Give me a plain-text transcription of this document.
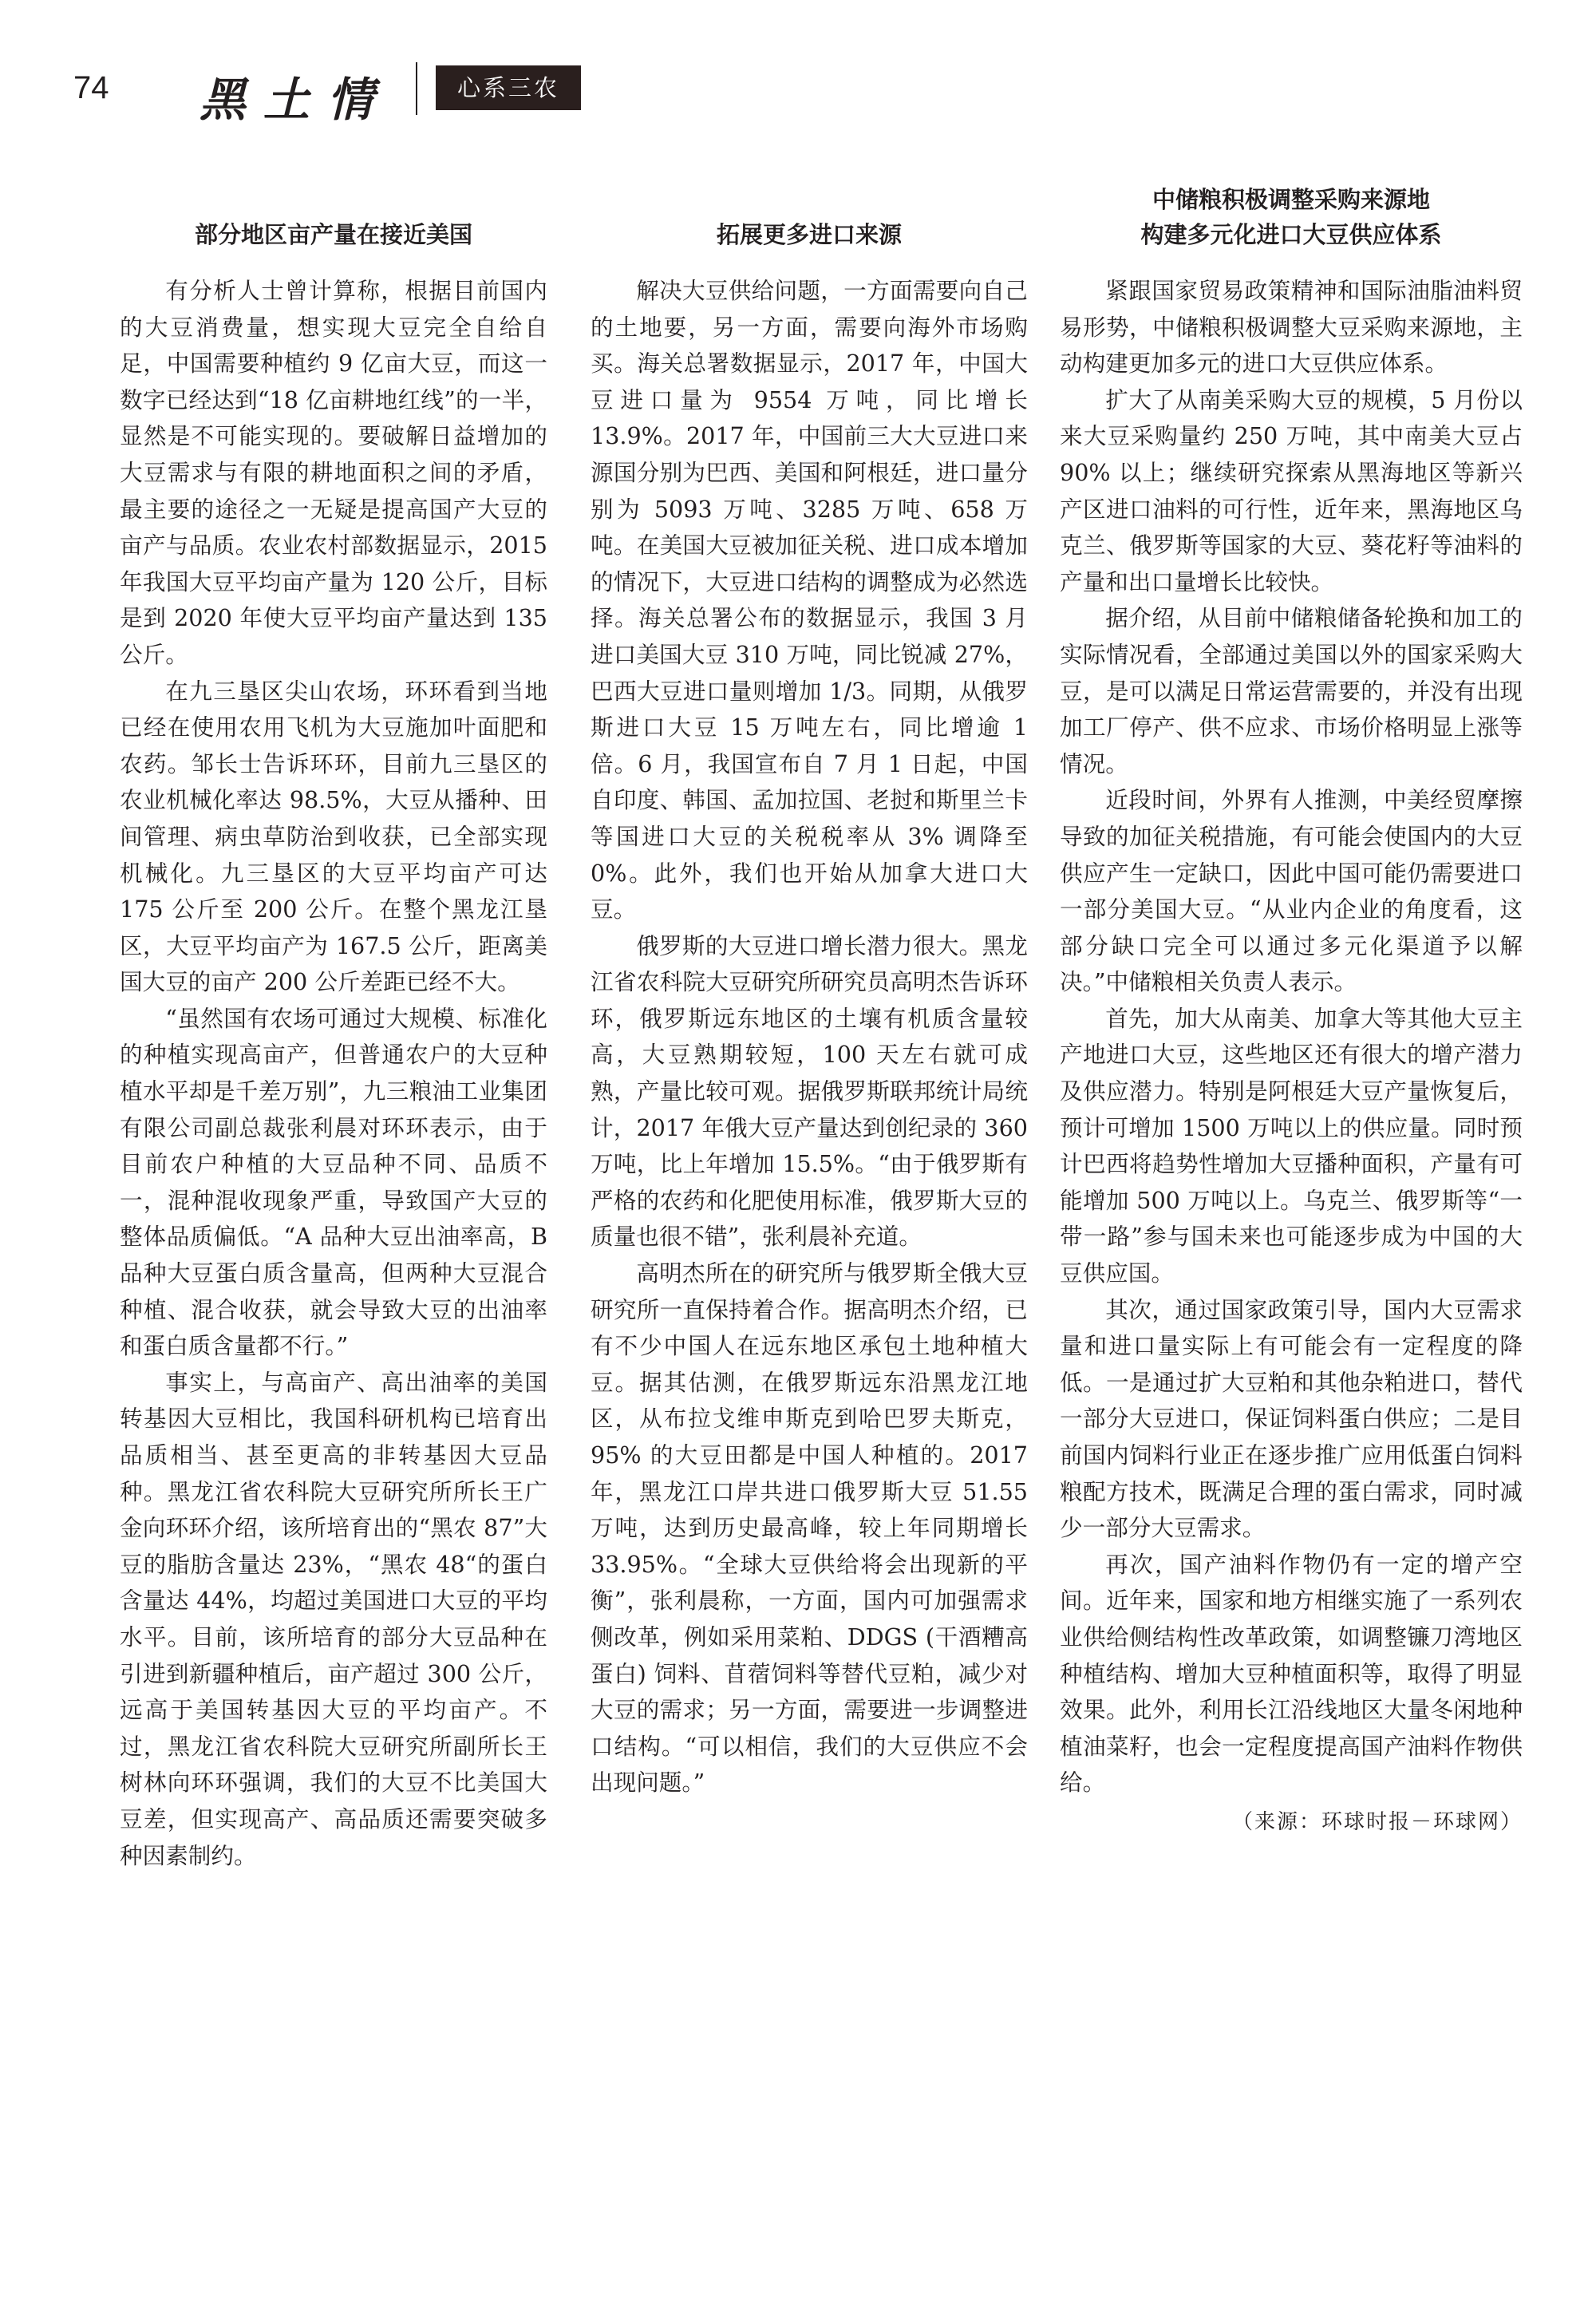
74 黑土情	心系三农
部分地区亩产量在接近美国

有分析人士曾计算称，根据目前国内的大豆消费量，想实现大豆完全自给自足，中国需要种植约 9 亿亩大豆，而这一数字已经达到“18 亿亩耕地红线”的一半，显然是不可能实现的。要破解日益增加的大豆需求与有限的耕地面积之间的矛盾，最主要的途径之一无疑是提高国产大豆的亩产与品质。农业农村部数据显示，2015 年我国大豆平均亩产量为 120 公斤，目标是到 2020 年使大豆平均亩产量达到 135 公斤。

在九三垦区尖山农场，环环看到当地已经在使用农用飞机为大豆施加叶面肥和农药。邹长士告诉环环，目前九三垦区的农业机械化率达 98.5%，大豆从播种、田间管理、病虫草防治到收获，已全部实现机械化。九三垦区的大豆平均亩产可达 175 公斤至 200 公斤。在整个黑龙江垦区，大豆平均亩产为 167.5 公斤，距离美国大豆的亩产 200 公斤差距已经不大。

“虽然国有农场可通过大规模、标准化的种植实现高亩产，但普通农户的大豆种植水平却是千差万别”，九三粮油工业集团有限公司副总裁张利晨对环环表示，由于目前农户种植的大豆品种不同、品质不一，混种混收现象严重，导致国产大豆的整体品质偏低。“A 品种大豆出油率高，B 品种大豆蛋白质含量高，但两种大豆混合种植、混合收获，就会导致大豆的出油率和蛋白质含量都不行。”

事实上，与高亩产、高出油率的美国转基因大豆相比，我国科研机构已培育出品质相当、甚至更高的非转基因大豆品种。黑龙江省农科院大豆研究所所长王广金向环环介绍，该所培育出的“黑农 87”大豆的脂肪含量达 23%，“黑农 48“的蛋白含量达 44%，均超过美国进口大豆的平均水平。目前，该所培育的部分大豆品种在引进到新疆种植后，亩产超过 300 公斤，远高于美国转基因大豆的平均亩产。不过，黑龙江省农科院大豆研究所副所长王树林向环环强调，我们的大豆不比美国大豆差，但实现高产、高品质还需要突破多种因素制约。

拓展更多进口来源

解决大豆供给问题，一方面需要向自己的土地要，另一方面，需要向海外市场购买。海关总署数据显示，2017 年，中国大豆进口量为 9554 万吨，同比增长 13.9%。2017 年，中国前三大大豆进口来源国分别为巴西、美国和阿根廷，进口量分别为 5093 万吨、3285 万吨、658 万吨。在美国大豆被加征关税、进口成本增加的情况下，大豆进口结构的调整成为必然选择。海关总署公布的数据显示，我国 3 月进口美国大豆 310 万吨，同比锐减 27%，巴西大豆进口量则增加 1/3。同期，从俄罗斯进口大豆 15 万吨左右，同比增逾 1 倍。6 月，我国宣布自 7 月 1 日起，中国自印度、韩国、孟加拉国、老挝和斯里兰卡等国进口大豆的关税税率从 3% 调降至 0%。此外，我们也开始从加拿大进口大豆。

俄罗斯的大豆进口增长潜力很大。黑龙江省农科院大豆研究所研究员高明杰告诉环环，俄罗斯远东地区的土壤有机质含量较高，大豆熟期较短，100 天左右就可成熟，产量比较可观。据俄罗斯联邦统计局统计，2017 年俄大豆产量达到创纪录的 360 万吨，比上年增加 15.5%。“由于俄罗斯有严格的农药和化肥使用标准，俄罗斯大豆的质量也很不错”，张利晨补充道。

高明杰所在的研究所与俄罗斯全俄大豆研究所一直保持着合作。据高明杰介绍，已有不少中国人在远东地区承包土地种植大豆。据其估测，在俄罗斯远东沿黑龙江地区，从布拉戈维申斯克到哈巴罗夫斯克，95% 的大豆田都是中国人种植的。2017 年，黑龙江口岸共进口俄罗斯大豆 51.55 万吨，达到历史最高峰，较上年同期增长 33.95%。“全球大豆供给将会出现新的平衡”，张利晨称，一方面，国内可加强需求侧改革，例如采用菜粕、DDGS (干酒糟高蛋白) 饲料、苜蓿饲料等替代豆粕，减少对大豆的需求；另一方面，需要进一步调整进口结构。“可以相信，我们的大豆供应不会出现问题。”

中储粮积极调整采购来源地
构建多元化进口大豆供应体系

紧跟国家贸易政策精神和国际油脂油料贸易形势，中储粮积极调整大豆采购来源地，主动构建更加多元的进口大豆供应体系。

扩大了从南美采购大豆的规模，5 月份以来大豆采购量约 250 万吨，其中南美大豆占 90% 以上；继续研究探索从黑海地区等新兴产区进口油料的可行性，近年来，黑海地区乌克兰、俄罗斯等国家的大豆、葵花籽等油料的产量和出口量增长比较快。

据介绍，从目前中储粮储备轮换和加工的实际情况看，全部通过美国以外的国家采购大豆，是可以满足日常运营需要的，并没有出现加工厂停产、供不应求、市场价格明显上涨等情况。

近段时间，外界有人推测，中美经贸摩擦导致的加征关税措施，有可能会使国内的大豆供应产生一定缺口，因此中国可能仍需要进口一部分美国大豆。“从业内企业的角度看，这部分缺口完全可以通过多元化渠道予以解决。”中储粮相关负责人表示。

首先，加大从南美、加拿大等其他大豆主产地进口大豆，这些地区还有很大的增产潜力及供应潜力。特别是阿根廷大豆产量恢复后，预计可增加 1500 万吨以上的供应量。同时预计巴西将趋势性增加大豆播种面积，产量有可能增加 500 万吨以上。乌克兰、俄罗斯等“一带一路”参与国未来也可能逐步成为中国的大豆供应国。

其次，通过国家政策引导，国内大豆需求量和进口量实际上有可能会有一定程度的降低。一是通过扩大豆粕和其他杂粕进口，替代一部分大豆进口，保证饲料蛋白供应；二是目前国内饲料行业正在逐步推广应用低蛋白饲料粮配方技术，既满足合理的蛋白需求，同时减少一部分大豆需求。

再次，国产油料作物仍有一定的增产空间。近年来，国家和地方相继实施了一系列农业供给侧结构性改革政策，如调整镰刀湾地区种植结构、增加大豆种植面积等，取得了明显效果。此外，利用长江沿线地区大量冬闲地种植油菜籽，也会一定程度提高国产油料作物供给。

（来源：环球时报－环球网）
